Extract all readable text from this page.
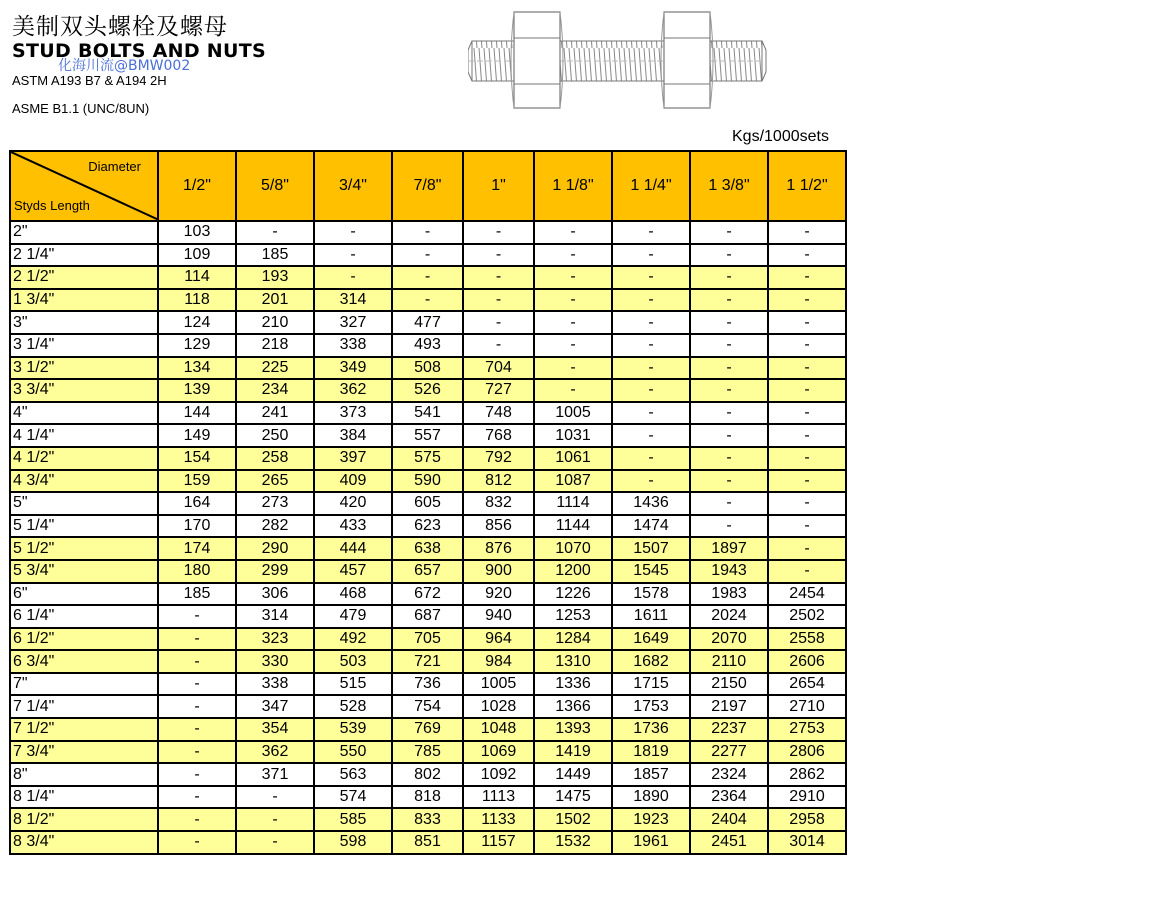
美制双头螺栓及螺母
STUD BOLTS AND NUTS
化海川流@BMW002
ASTM A193 B7 & A194 2H
ASME B1.1 (UNC/8UN)
Kgs/1000sets
Diameter
Styds Length	1/2"	5/8"	3/4"	7/8"	1"	1 1/8"	1 1/4"	1 3/8"	1 1/2"
2"	103	-	-	-	-	-	-	-	-
2 1/4"	109	185	-	-	-	-	-	-	-
2 1/2"	114	193	-	-	-	-	-	-	-
1 3/4"	118	201	314	-	-	-	-	-	-
3"	124	210	327	477	-	-	-	-	-
3 1/4"	129	218	338	493	-	-	-	-	-
3 1/2"	134	225	349	508	704	-	-	-	-
3 3/4"	139	234	362	526	727	-	-	-	-
4"	144	241	373	541	748	1005	-	-	-
4 1/4"	149	250	384	557	768	1031	-	-	-
4 1/2"	154	258	397	575	792	1061	-	-	-
4 3/4"	159	265	409	590	812	1087	-	-	-
5"	164	273	420	605	832	1114	1436	-	-
5 1/4"	170	282	433	623	856	1144	1474	-	-
5 1/2"	174	290	444	638	876	1070	1507	1897	-
5 3/4"	180	299	457	657	900	1200	1545	1943	-
6"	185	306	468	672	920	1226	1578	1983	2454
6 1/4"	-	314	479	687	940	1253	1611	2024	2502
6 1/2"	-	323	492	705	964	1284	1649	2070	2558
6 3/4"	-	330	503	721	984	1310	1682	2110	2606
7"	-	338	515	736	1005	1336	1715	2150	2654
7 1/4"	-	347	528	754	1028	1366	1753	2197	2710
7 1/2"	-	354	539	769	1048	1393	1736	2237	2753
7 3/4"	-	362	550	785	1069	1419	1819	2277	2806
8"	-	371	563	802	1092	1449	1857	2324	2862
8 1/4"	-	-	574	818	1113	1475	1890	2364	2910
8 1/2"	-	-	585	833	1133	1502	1923	2404	2958
8 3/4"	-	-	598	851	1157	1532	1961	2451	3014
